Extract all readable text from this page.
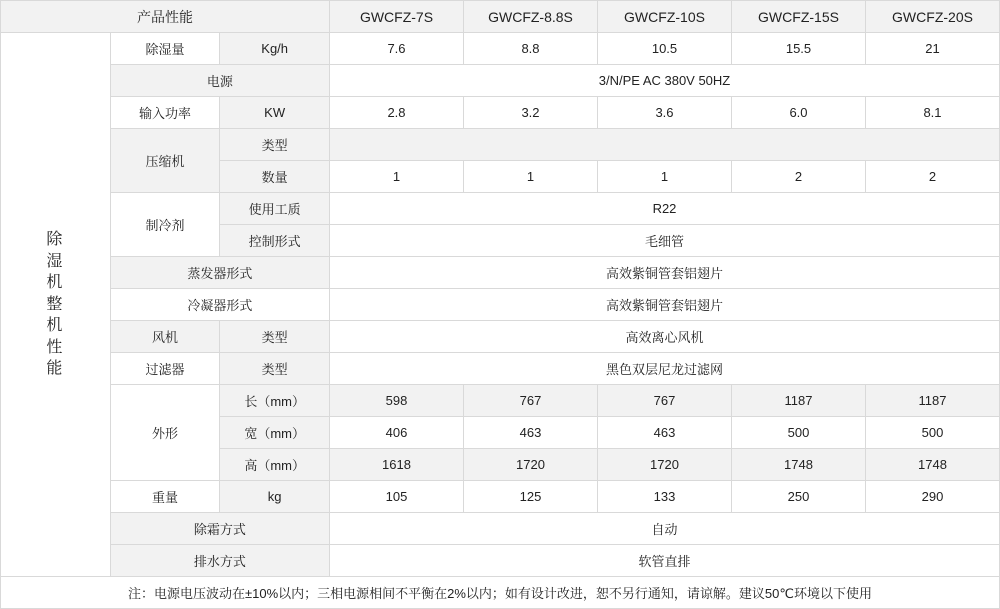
产品性能			GWCFZ-7S	GWCFZ-8.8S	GWCFZ-10S	GWCFZ-15S	GWCFZ-20S

除湿机整机性能	除湿量	Kg/h	7.6	8.8	10.5	15.5	21
	电源		3/N/PE AC 380V 50HZ				
	输入功率	KW	2.8	3.2	3.6	6.0	8.1
	压缩机	类型					
		数量	1	1	1	2	2
	制冷剂	使用工质	R22				
		控制形式	毛细管				
	蒸发器形式		高效紫铜管套铝翅片				
	冷凝器形式		高效紫铜管套铝翅片				
	风机	类型	高效离心风机				
	过滤器	类型	黑色双层尼龙过滤网				
	外形	长（mm）	598	767	767	1187	1187
		宽（mm）	406	463	463	500	500
		高（mm）	1618	1720	1720	1748	1748
	重量	kg	105	125	133	250	290
	除霜方式		自动				
	排水方式		软管直排				
注：电源电压波动在±10%以内；三相电源相间不平衡在2%以内；如有设计改进，恕不另行通知，请谅解。建议50℃环境以下使用							
